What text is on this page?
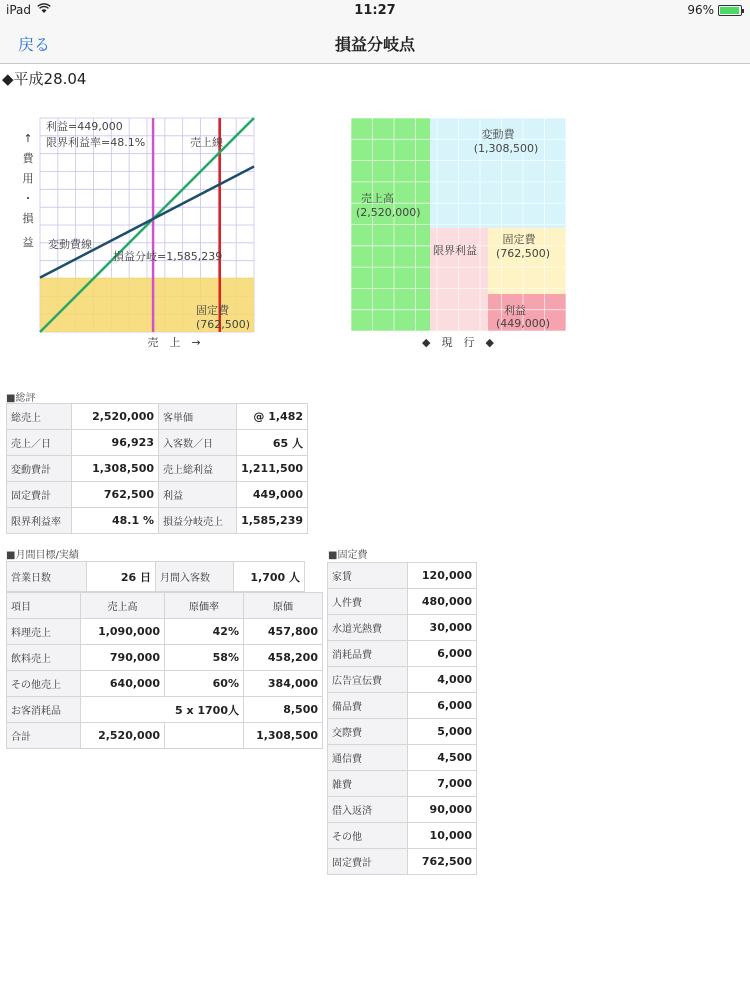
iPad	11:27	96%
戻る	損益分岐点
◆平成28.04
↑
費
用
・
損
益
利益=449,000
限界利益率=48.1%	売上線
変動費線
損益分岐=1,585,239
固定費
(762,500)
売　上　→
変動費
(1,308,500)
売上高
(2,520,000)
限界利益
固定費
(762,500)
利益
(449,000)
◆　現　行　◆
■総評
総売上	2,520,000	客単価	@ 1,482
売上／日	96,923	入客数／日	65 人
変動費計	1,308,500	売上総利益	1,211,500
固定費計	762,500	利益	449,000
限界利益率	48.1 %	損益分岐売上	1,585,239
■月間目標/実績
営業日数	26 日	月間入客数	1,700 人
項目	売上高	原価率	原価
料理売上	1,090,000	42%	457,800
飲料売上	790,000	58%	458,200
その他売上	640,000	60%	384,000
お客消耗品	5 x 1700人		8,500
合計	2,520,000		1,308,500
■固定費
家賃	120,000
人件費	480,000
水道光熱費	30,000
消耗品費	6,000
広告宣伝費	4,000
備品費	6,000
交際費	5,000
通信費	4,500
雑費	7,000
借入返済	90,000
その他	10,000
固定費計	762,500
